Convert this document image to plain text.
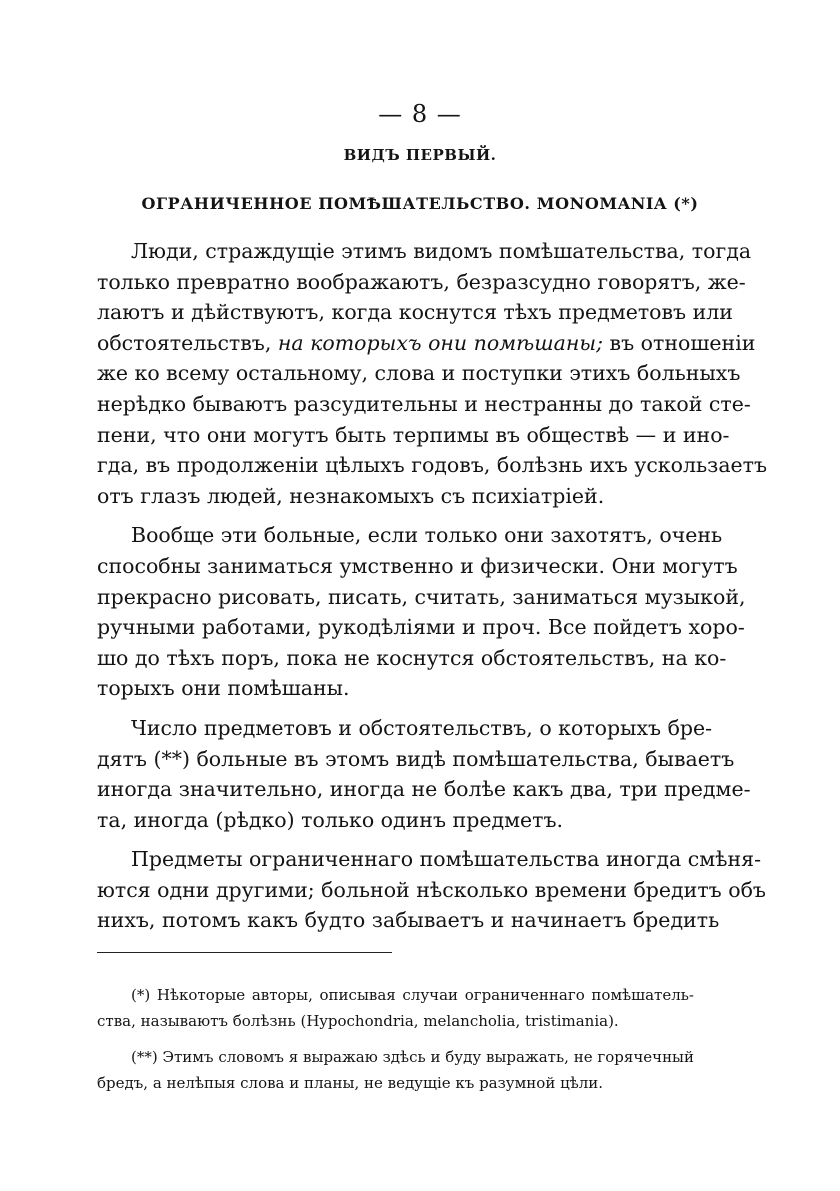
— 8 —
ВИДЪ ПЕРВЫЙ.
ОГРАНИЧЕННОЕ ПОМѢШАТЕЛЬСТВО. MONOMANIA (*)
Люди, страждущіе этимъ видомъ помѣшательства, тогда
только превратно воображаютъ, безразсудно говорятъ, же-
лаютъ и дѣйствуютъ, когда коснутся тѣхъ предметовъ или
обстоятельствъ, на которыхъ они помѣшаны; въ отношеніи
же ко всему остальному, слова и поступки этихъ больныхъ
нерѣдко бываютъ разсудительны и нестранны до такой сте-
пени, что они могутъ быть терпимы въ обществѣ — и ино-
гда, въ продолженіи цѣлыхъ годовъ, болѣзнь ихъ ускользаетъ
отъ глазъ людей, незнакомыхъ съ психіатріей.
Вообще эти больные, если только они захотятъ, очень
способны заниматься умственно и физически. Они могутъ
прекрасно рисовать, писать, считать, заниматься музыкой,
ручными работами, рукодѣліями и проч. Все пойдетъ хоро-
шо до тѣхъ поръ, пока не коснутся обстоятельствъ, на ко-
торыхъ они помѣшаны.
Число предметовъ и обстоятельствъ, о которыхъ бре-
дятъ (**) больные въ этомъ видѣ помѣшательства, бываетъ
иногда значительно, иногда не болѣе какъ два, три предме-
та, иногда (рѣдко) только одинъ предметъ.
Предметы ограниченнаго помѣшательства иногда смѣня-
ются одни другими; больной нѣсколько времени бредитъ объ
нихъ, потомъ какъ будто забываетъ и начинаетъ бредить
(*) Нѣкоторые авторы, описывая случаи ограниченнаго помѣшатель-
ства, называютъ болѣзнь (Hypochondria, melancholia, tristimania).
(**) Этимъ словомъ я выражаю здѣсь и буду выражать, не горячечный
бредъ, а нелѣпыя слова и планы, не ведущіе къ разумной цѣли.
